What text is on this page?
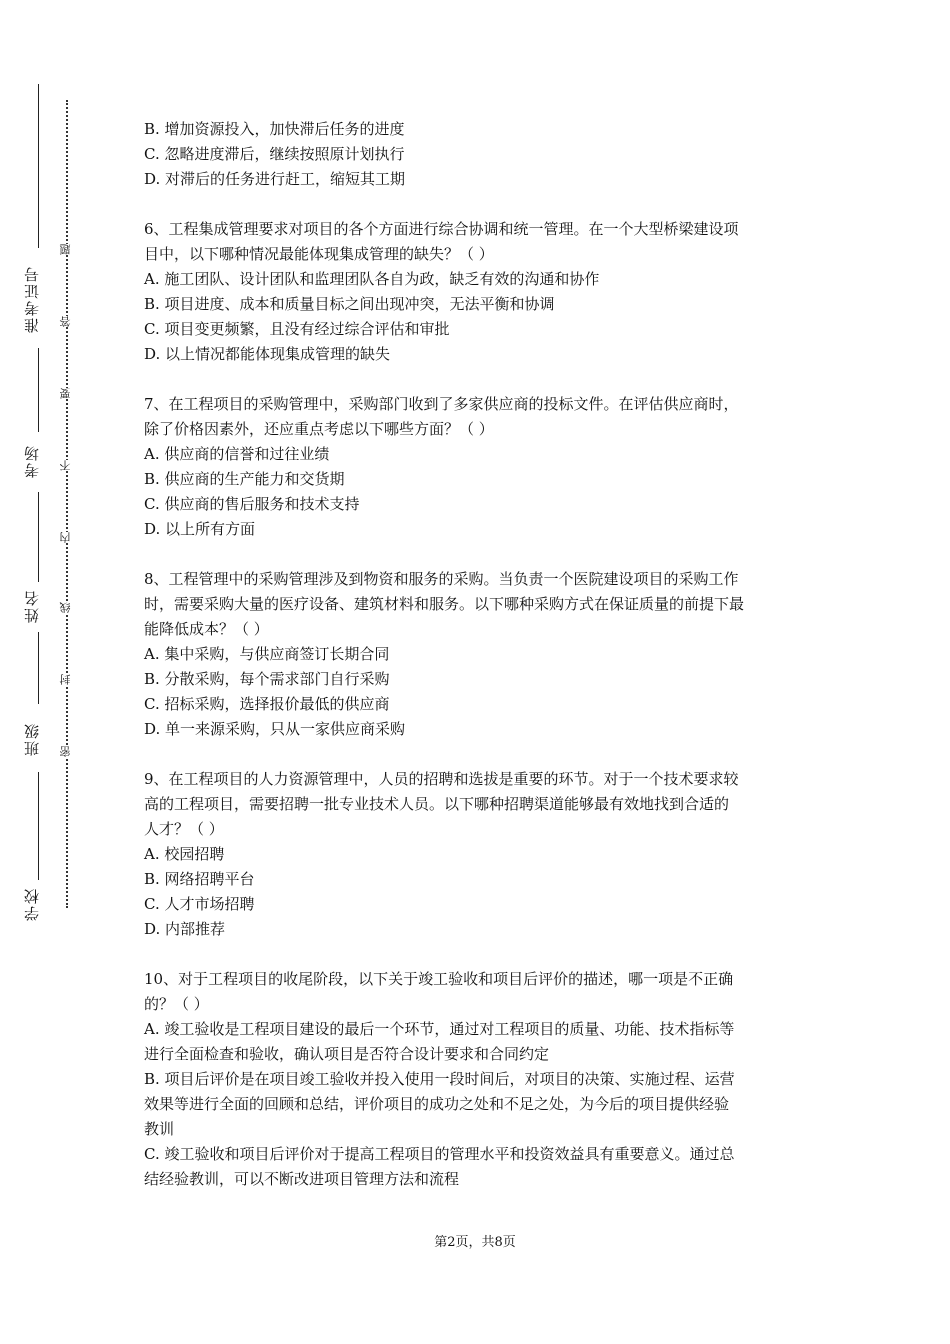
准考证号
考场
姓名
班级
学校
题
答
要
不
内
线
封
密

B. 增加资源投入，加快滞后任务的进度

C. 忽略进度滞后，继续按照原计划执行

D. 对滞后的任务进行赶工，缩短其工期

6、工程集成管理要求对项目的各个方面进行综合协调和统一管理。在一个大型桥梁建设项

目中，以下哪种情况最能体现集成管理的缺失？（ ）

A. 施工团队、设计团队和监理团队各自为政，缺乏有效的沟通和协作

B. 项目进度、成本和质量目标之间出现冲突，无法平衡和协调

C. 项目变更频繁，且没有经过综合评估和审批

D. 以上情况都能体现集成管理的缺失

7、在工程项目的采购管理中，采购部门收到了多家供应商的投标文件。在评估供应商时，

除了价格因素外，还应重点考虑以下哪些方面？（ ）

A. 供应商的信誉和过往业绩

B. 供应商的生产能力和交货期

C. 供应商的售后服务和技术支持

D. 以上所有方面

8、工程管理中的采购管理涉及到物资和服务的采购。当负责一个医院建设项目的采购工作

时，需要采购大量的医疗设备、建筑材料和服务。以下哪种采购方式在保证质量的前提下最

能降低成本？（ ）

A. 集中采购，与供应商签订长期合同

B. 分散采购，每个需求部门自行采购

C. 招标采购，选择报价最低的供应商

D. 单一来源采购，只从一家供应商采购

9、在工程项目的人力资源管理中，人员的招聘和选拔是重要的环节。对于一个技术要求较

高的工程项目，需要招聘一批专业技术人员。以下哪种招聘渠道能够最有效地找到合适的

人才？（ ）

A. 校园招聘

B. 网络招聘平台

C. 人才市场招聘

D. 内部推荐

10、对于工程项目的收尾阶段，以下关于竣工验收和项目后评价的描述，哪一项是不正确

的？（ ）

A. 竣工验收是工程项目建设的最后一个环节，通过对工程项目的质量、功能、技术指标等

进行全面检查和验收，确认项目是否符合设计要求和合同约定

B. 项目后评价是在项目竣工验收并投入使用一段时间后，对项目的决策、实施过程、运营

效果等进行全面的回顾和总结，评价项目的成功之处和不足之处，为今后的项目提供经验

教训

C. 竣工验收和项目后评价对于提高工程项目的管理水平和投资效益具有重要意义。通过总

结经验教训，可以不断改进项目管理方法和流程

第2页，共8页
